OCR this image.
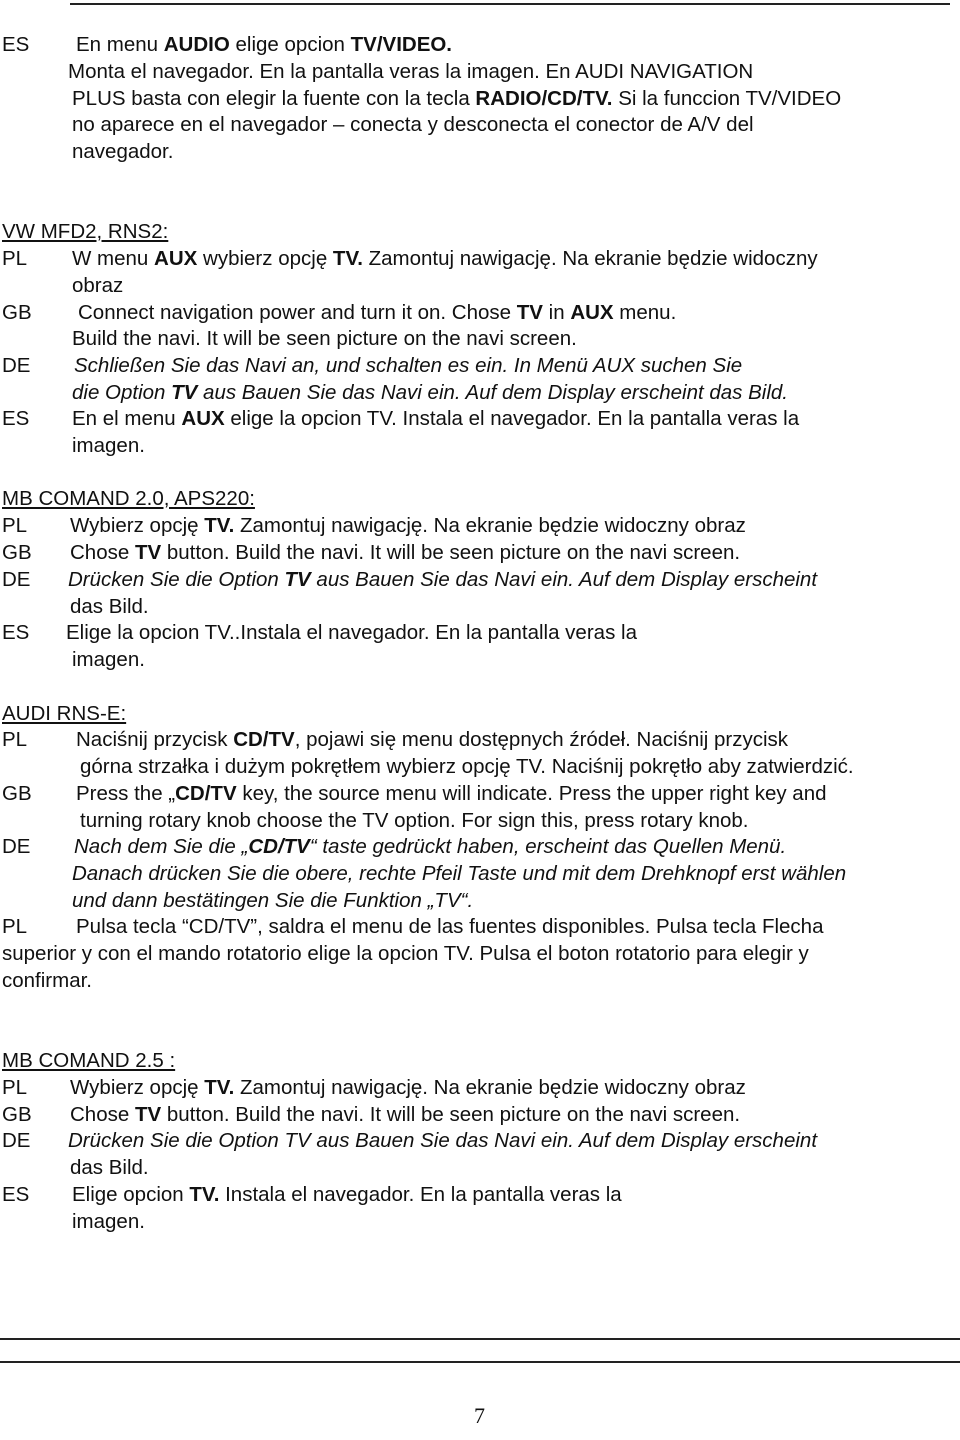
ES En menu AUDIO elige opcion TV/VIDEO.
Monta el navegador. En la pantalla veras la imagen. En AUDI NAVIGATION
PLUS basta con elegir la fuente con la tecla RADIO/CD/TV. Si la funccion TV/VIDEO
no aparece en el navegador – conecta y desconecta el conector de A/V del
navegador.
VW MFD2, RNS2:
PL W menu AUX wybierz opcję TV. Zamontuj nawigację. Na ekranie będzie widoczny
obraz
GB Connect navigation power and turn it on. Chose TV in AUX menu.
Build the navi. It will be seen picture on the navi screen.
DE Schließen Sie das Navi an, und schalten es ein. In Menü AUX suchen Sie
die Option TV aus Bauen Sie das Navi ein. Auf dem Display erscheint das Bild.
ES En el menu AUX elige la opcion TV. Instala el navegador. En la pantalla veras la
imagen.
MB COMAND 2.0, APS220:
PL Wybierz opcję TV. Zamontuj nawigację. Na ekranie będzie widoczny obraz
GB Chose TV button. Build the navi. It will be seen picture on the navi screen.
DE Drücken Sie die Option TV aus Bauen Sie das Navi ein. Auf dem Display erscheint
das Bild.
ES Elige la opcion TV..Instala el navegador. En la pantalla veras la
imagen.
AUDI RNS-E:
PL Naciśnij przycisk CD/TV, pojawi się menu dostępnych źródeł. Naciśnij przycisk
górna strzałka i dużym pokrętłem wybierz opcję TV. Naciśnij pokrętło aby zatwierdzić.
GB Press the „CD/TV key, the source menu will indicate. Press the upper right key and
turning rotary knob choose the TV option. For sign this, press rotary knob.
DE Nach dem Sie die „CD/TV“ taste gedrückt haben, erscheint das Quellen Menü.
Danach drücken Sie die obere, rechte Pfeil Taste und mit dem Drehknopf erst wählen
und dann bestätingen Sie die Funktion „TV“.
PL Pulsa tecla “CD/TV”, saldra el menu de las fuentes disponibles. Pulsa tecla Flecha
superior y con el mando rotatorio elige la opcion TV. Pulsa el boton rotatorio para elegir y
confirmar.
MB COMAND 2.5 :
PL Wybierz opcję TV. Zamontuj nawigację. Na ekranie będzie widoczny obraz
GB Chose TV button. Build the navi. It will be seen picture on the navi screen.
DE Drücken Sie die Option TV aus Bauen Sie das Navi ein. Auf dem Display erscheint
das Bild.
ES Elige opcion TV. Instala el navegador. En la pantalla veras la
imagen.
7
